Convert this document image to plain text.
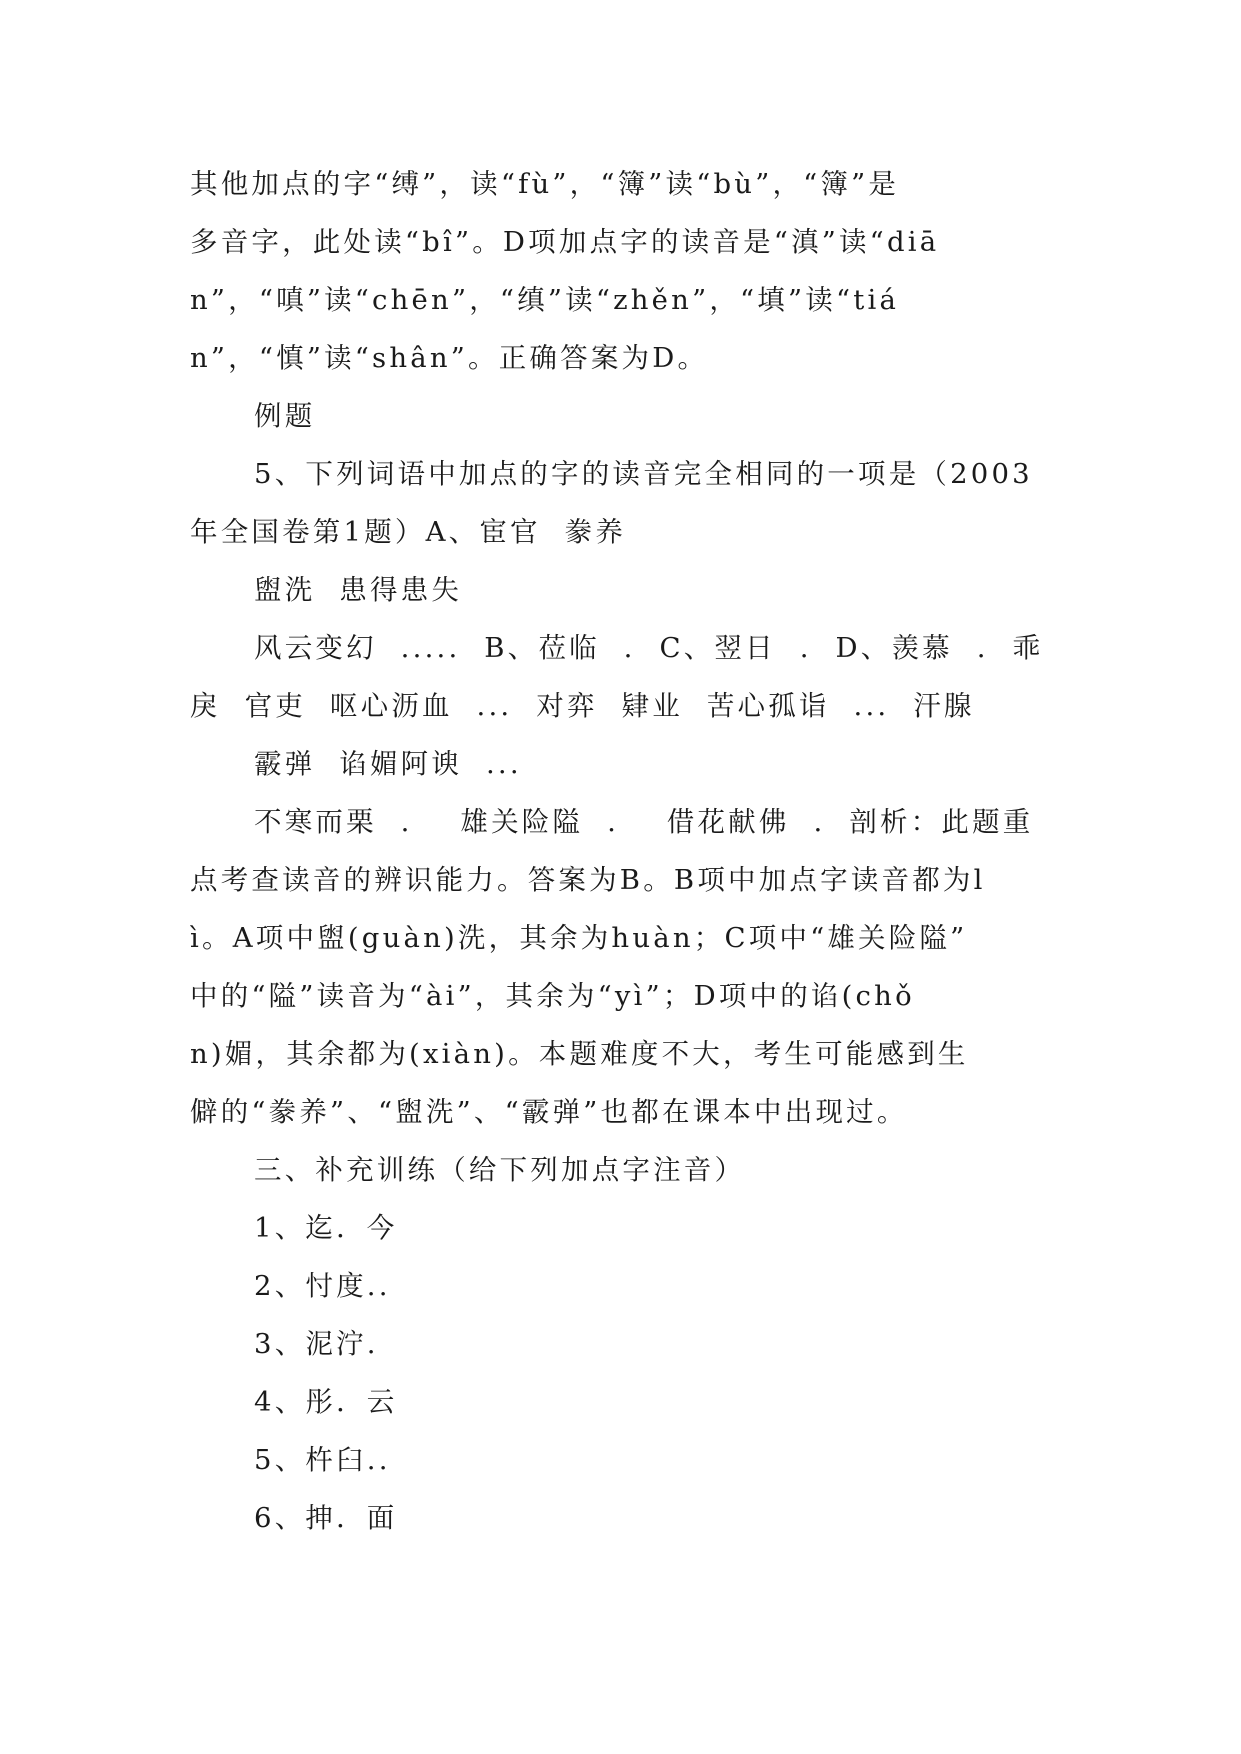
其他加点的字“缚”，读“fù”，“簿”读“bù”，“簿”是
多音字，此处读“bî”。D项加点字的读音是“滇”读“diā
n”，“嗔”读“chēn”，“缜”读“zhěn”，“填”读“tiá
n”，“慎”读“shân”。正确答案为D。
例题
5、下列词语中加点的字的读音完全相同的一项是（2003
年全国卷第1题）A、宦官  豢养
盥洗  患得患失
风云变幻  .....  B、莅临  .  C、翌日  .  D、羡慕  .  乖
戾  官吏  呕心沥血  ...  对弈  肄业  苦心孤诣  ...  汗腺
霰弹  谄媚阿谀  ...
不寒而栗  .    雄关险隘  .    借花献佛  .  剖析：此题重
点考查读音的辨识能力。答案为B。B项中加点字读音都为l
ì。A项中盥(guàn)洗，其余为huàn；C项中“雄关险隘”
中的“隘”读音为“ài”，其余为“yì”；D项中的谄(chǒ
n)媚，其余都为(xiàn)。本题难度不大，考生可能感到生
僻的“豢养”、“盥洗”、“霰弹”也都在课本中出现过。
三、补充训练（给下列加点字注音）
1、迄．今
2、忖度..
3、泥泞.
4、彤．云
5、杵臼..
6、抻．面
